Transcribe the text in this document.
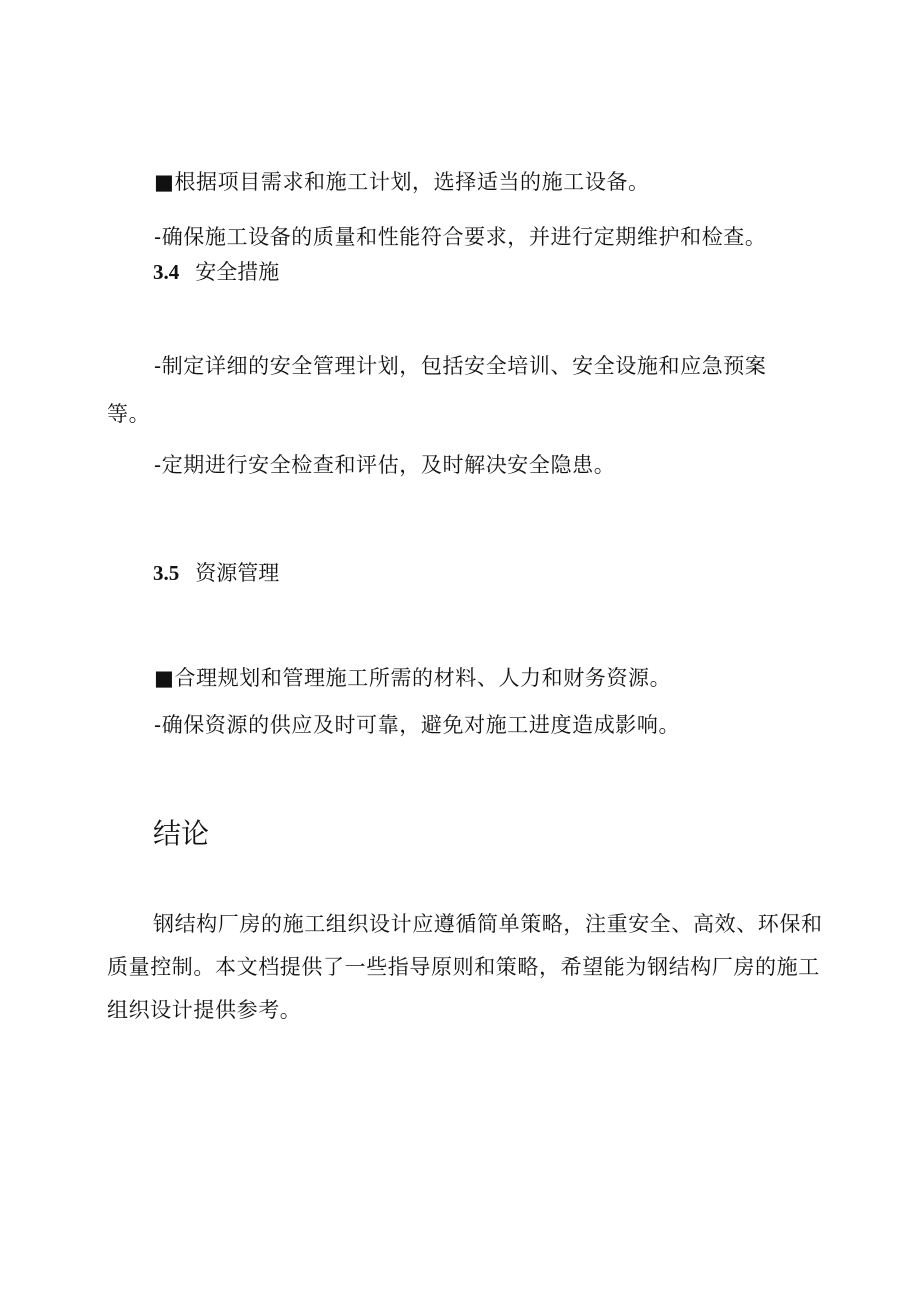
■根据项目需求和施工计划，选择适当的施工设备。
-确保施工设备的质量和性能符合要求，并进行定期维护和检查。
3.4 安全措施
-制定详细的安全管理计划，包括安全培训、安全设施和应急预案
等。
-定期进行安全检查和评估，及时解决安全隐患。
3.5 资源管理
■合理规划和管理施工所需的材料、人力和财务资源。
-确保资源的供应及时可靠，避免对施工进度造成影响。
结论
钢结构厂房的施工组织设计应遵循简单策略，注重安全、高效、环保和质量控制。本文档提供了一些指导原则和策略，希望能为钢结构厂房的施工组织设计提供参考。
